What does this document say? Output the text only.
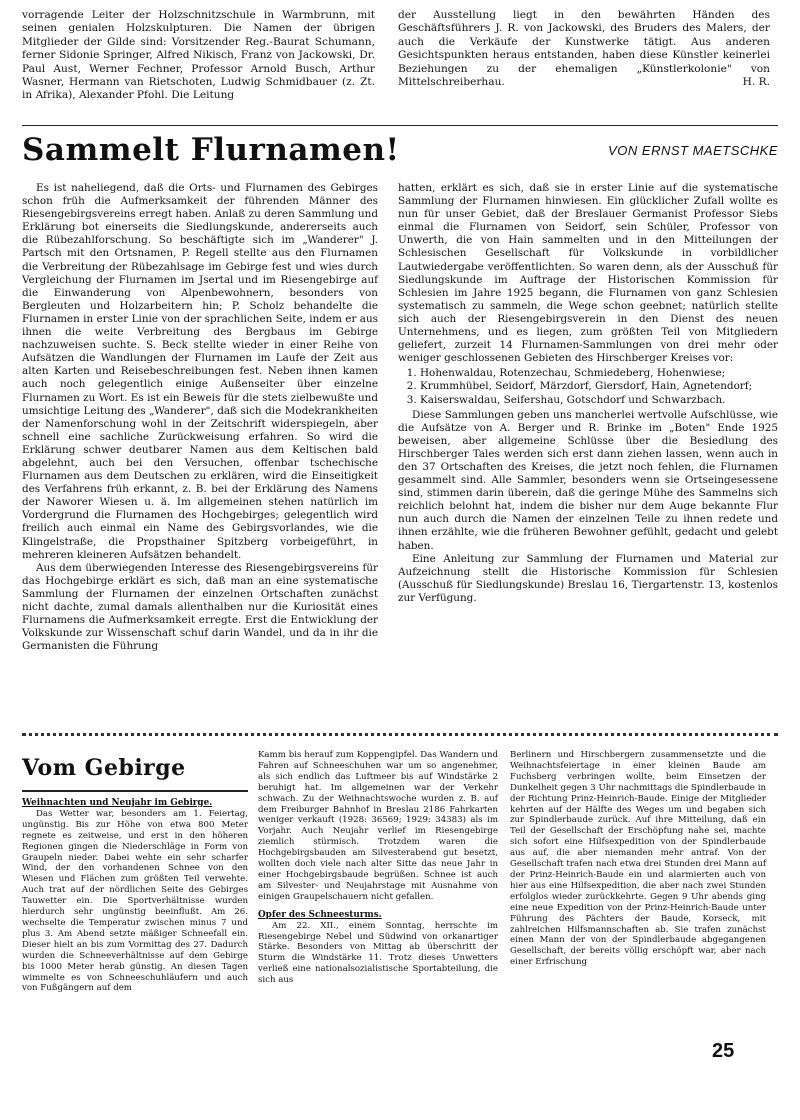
vorragende Leiter der Holzschnitzschule in Warmbrunn, mit seinen genialen Holzskulpturen. Die Namen der übrigen Mitglieder der Gilde sind: Vorsitzender Reg.-Baurat Schumann, ferner Sidonie Springer, Alfred Nikisch, Franz von Jackowski, Dr. Paul Aust, Werner Fechner, Professor Arnold Busch, Arthur Wasner, Hermann van Rietschoten, Ludwig Schmidbauer (z. Zt. in Afrika), Alexander Pfohl. Die Leitung
der Ausstellung liegt in den bewährten Händen des Geschäftsführers J. R. von Jackowski, des Bruders des Malers, der auch die Verkäufe der Kunstwerke tätigt. Aus anderen Gesichtspunkten heraus entstanden, haben diese Künstler keinerlei Beziehungen zu der ehemaligen „Künstlerkolonie" von Mittelschreiberhau.	H. R.
Sammelt Flurnamen!	VON ERNST MAETSCHKE

Es ist naheliegend, daß die Orts- und Flurnamen des Gebirges schon früh die Aufmerksamkeit der führenden Männer des Riesengebirgsvereins erregt haben. Anlaß zu deren Sammlung und Erklärung bot einerseits die Siedlungskunde, andererseits auch die Rübezahlforschung. So beschäftigte sich im „Wanderer" J. Partsch mit den Ortsnamen, P. Regell stellte aus den Flurnamen die Verbreitung der Rübezahlsage im Gebirge fest und wies durch Vergleichung der Flurnamen im Jsertal und im Riesengebirge auf die Einwanderung von Alpenbewohnern, besonders von Bergleuten und Holzarbeitern hin; P. Scholz behandelte die Flurnamen in erster Linie von der sprachlichen Seite, indem er aus ihnen die weite Verbreitung des Bergbaus im Gebirge nachzuweisen suchte. S. Beck stellte wieder in einer Reihe von Aufsätzen die Wandlungen der Flurnamen im Laufe der Zeit aus alten Karten und Reisebeschreibungen fest. Neben ihnen kamen auch noch gelegentlich einige Außenseiter über einzelne Flurnamen zu Wort. Es ist ein Beweis für die stets zielbewußte und umsichtige Leitung des „Wanderer", daß sich die Modekrankheiten der Namenforschung wohl in der Zeitschrift widerspiegeln, aber schnell eine sachliche Zurückweisung erfahren. So wird die Erklärung schwer deutbarer Namen aus dem Keltischen bald abgelehnt, auch bei den Versuchen, offenbar tschechische Flurnamen aus dem Deutschen zu erklären, wird die Einseitigkeit des Verfahrens früh erkannt, z. B. bei der Erklärung des Namens der Naworer Wiesen u. ä. Im allgemeinen stehen natürlich im Vordergrund die Flurnamen des Hochgebirges; gelegentlich wird freilich auch einmal ein Name des Gebirgsvorlandes, wie die Klingelstraße, die Propsthainer Spitzberg vorbeigeführt, in mehreren kleineren Aufsätzen behandelt.

Aus dem überwiegenden Interesse des Riesengebirgsvereins für das Hochgebirge erklärt es sich, daß man an eine systematische Sammlung der Flurnamen der einzelnen Ortschaften zunächst nicht dachte, zumal damals allenthalben nur die Kuriosität eines Flurnamens die Aufmerksamkeit erregte. Erst die Entwicklung der Volkskunde zur Wissenschaft schuf darin Wandel, und da in ihr die Germanisten die Führung

hatten, erklärt es sich, daß sie in erster Linie auf die systematische Sammlung der Flurnamen hinwiesen. Ein glücklicher Zufall wollte es nun für unser Gebiet, daß der Breslauer Germanist Professor Siebs einmal die Flurnamen von Seidorf, sein Schüler, Professor von Unwerth, die von Hain sammelten und in den Mitteilungen der Schlesischen Gesellschaft für Volkskunde in vorbildlicher Lautwiedergabe veröffentlichten. So waren denn, als der Ausschuß für Siedlungskunde im Auftrage der Historischen Kommission für Schlesien im Jahre 1925 begann, die Flurnamen von ganz Schlesien systematisch zu sammeln, die Wege schon geebnet; natürlich stellte sich auch der Riesengebirgsverein in den Dienst des neuen Unternehmens, und es liegen, zum größten Teil von Mitgliedern geliefert, zurzeit 14 Flurnamen-Sammlungen von drei mehr oder weniger geschlossenen Gebieten des Hirschberger Kreises vor:

1. Hohenwaldau, Rotenzechau, Schmiedeberg, Hohenwiese;
2. Krummhübel, Seidorf, Märzdorf, Giersdorf, Hain, Agnetendorf;
3. Kaiserswaldau, Seifershau, Gotschdorf und Schwarzbach.

Diese Sammlungen geben uns mancherlei wertvolle Aufschlüsse, wie die Aufsätze von A. Berger und R. Brinke im „Boten" Ende 1925 beweisen, aber allgemeine Schlüsse über die Besiedlung des Hirschberger Tales werden sich erst dann ziehen lassen, wenn auch in den 37 Ortschaften des Kreises, die jetzt noch fehlen, die Flurnamen gesammelt sind. Alle Sammler, besonders wenn sie Ortseingesessene sind, stimmen darin überein, daß die geringe Mühe des Sammelns sich reichlich belohnt hat, indem die bisher nur dem Auge bekannte Flur nun auch durch die Namen der einzelnen Teile zu ihnen redete und ihnen erzählte, wie die früheren Bewohner gefühlt, gedacht und gelebt haben.

Eine Anleitung zur Sammlung der Flurnamen und Material zur Aufzeichnung stellt die Historische Kommission für Schlesien (Ausschuß für Siedlungskunde) Breslau 16, Tiergartenstr. 13, kostenlos zur Verfügung.

Vom Gebirge

Weihnachten und Neujahr im Gebirge.

Das Wetter war, besonders am 1. Feiertag, ungünstig. Bis zur Höhe von etwa 800 Meter regnete es zeitweise, und erst in den höheren Regionen gingen die Niederschläge in Form von Graupeln nieder. Dabei wehte ein sehr scharfer Wind, der den vorhandenen Schnee von den Wiesen und Flächen zum größten Teil verwehte. Auch trat auf der nördlichen Seite des Gebirges Tauwetter ein. Die Sportverhältnisse wurden hierdurch sehr ungünstig beeinflußt. Am 26. wechselte die Temperatur zwischen minus 7 und plus 3. Am Abend setzte mäßiger Schneefall ein. Dieser hielt an bis zum Vormittag des 27. Dadurch wurden die Schneeverhältnisse auf dem Gebirge bis 1000 Meter herab günstig. An diesen Tagen wimmelte es von Schneeschuhläufern und auch von Fußgängern auf dem

Kamm bis herauf zum Koppengipfel. Das Wandern und Fahren auf Schneeschuhen war um so angenehmer, als sich endlich das Luftmeer bis auf Windstärke 2 beruhigt hat. Im allgemeinen war der Verkehr schwach. Zu der Weihnachtswoche wurden z. B. auf dem Freiburger Bahnhof in Breslau 2186 Fahrkarten weniger verkauft (1928: 36569; 1929: 34383) als im Vorjahr. Auch Neujahr verlief im Riesengebirge ziemlich stürmisch. Trotzdem waren die Hochgebirgsbauden am Silvesterabend gut besetzt, wollten doch viele nach alter Sitte das neue Jahr in einer Hochgebirgsbaude begrüßen. Schnee ist auch am Silvester- und Neujahrstage mit Ausnahme von einigen Graupelschauern nicht gefallen.

Opfer des Schneesturms.

Am 22. XII., einem Sonntag, herrschte im Riesengebirge Nebel und Südwind von orkanartiger Stärke. Besonders von Mittag ab überschritt der Sturm die Windstärke 11. Trotz dieses Unwetters verließ eine nationalsozialistische Sportabteilung, die sich aus

Berlinern und Hirschbergern zusammensetzte und die Weihnachtsfeiertage in einer kleinen Baude am Fuchsberg verbringen wollte, beim Einsetzen der Dunkelheit gegen 3 Uhr nachmittags die Spindlerbaude in der Richtung Prinz-Heinrich-Baude. Einige der Mitglieder kehrten auf der Hälfte des Weges um und begaben sich zur Spindlerbaude zurück. Auf ihre Mitteilung, daß ein Teil der Gesellschaft der Erschöpfung nahe sei, machte sich sofort eine Hilfsexpedition von der Spindlerbaude aus auf, die aber niemanden mehr antraf. Von der Gesellschaft trafen nach etwa drei Stunden drei Mann auf der Prinz-Heinrich-Baude ein und alarmierten auch von hier aus eine Hilfsexpedition, die aber nach zwei Stunden erfolglos wieder zurückkehrte. Gegen 9 Uhr abends ging eine neue Expedition von der Prinz-Heinrich-Baude unter Führung des Pächters der Baude, Korseck, mit zahlreichen Hilfsmannschaften ab. Sie trafen zunächst einen Mann der von der Spindlerbaude abgegangenen Gesellschaft, der bereits völlig erschöpft war, aber nach einer Erfrischung

25
